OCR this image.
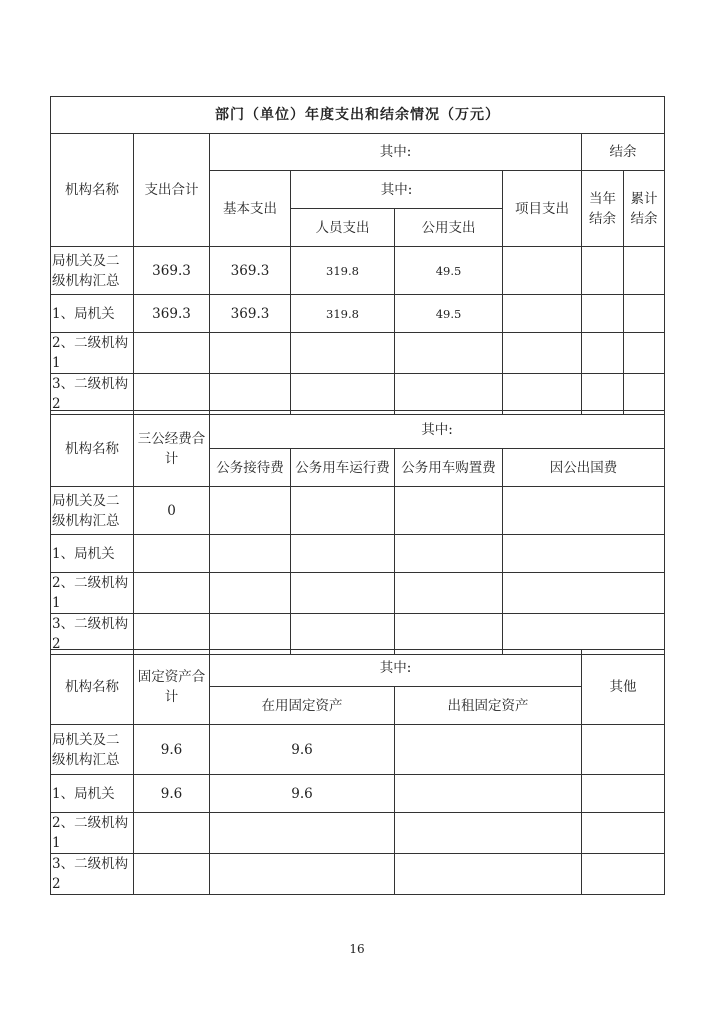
部门（单位）年度支出和结余情况（万元）							
机构名称	支出合计	其中:				结余	
		基本支出	其中:		项目支出	当年结余	累计结余
			人员支出	公用支出			
局机关及二级机构汇总	369.3	369.3	319.8	49.5			
1、局机关	369.3	369.3	319.8	49.5			
2、二级机构 1							
3、二级机构 2							
机构名称	三公经费合计	其中:			
		公务接待费	公务用车运行费	公务用车购置费	因公出国费
局机关及二级机构汇总	0				
1、局机关					
2、二级机构 1					
3、二级机构 2					
机构名称	固定资产合计	其中:		其他
		在用固定资产	出租固定资产	
局机关及二级机构汇总	9.6	9.6		
1、局机关	9.6	9.6		
2、二级机构 1				
3、二级机构 2				
16
